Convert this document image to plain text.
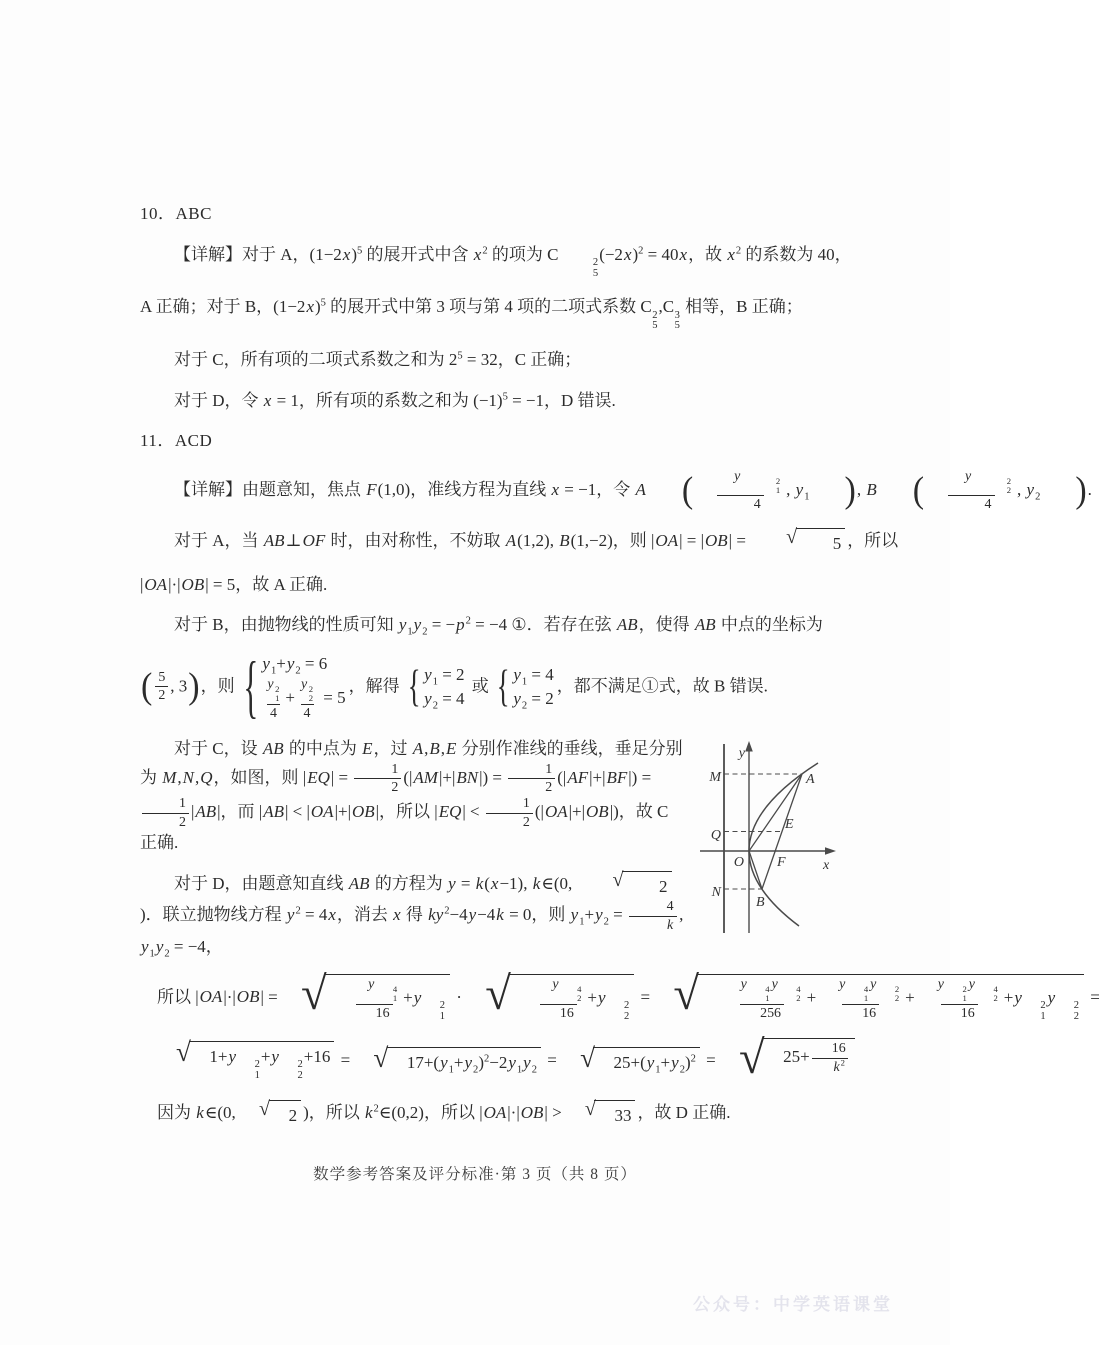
10．ABC
【详解】对于 A，$(1-2x)^5$ 的展开式中含 $x^2$ 的项为 C	2
5
$(-2x)^2 = 40x$，故 $x^2$ 的系数为 40，
A 正确；对于 B，$(1-2x)^5$ 的展开式中第 3 项与第 4 项的二项式系数 C 2
5
,C 3
5
相等，B 正确；
对于 C，所有项的二项式系数之和为 $2^5 = 32$，C 正确；
对于 D，令 x = 1，所有项的系数之和为 $(-1)^5 = -1$，D 错误.
11．ACD
【详解】由题意知，焦点 F(1,0)，准线方程为直线 x = −1，令 A ( y	2
1
4 , $y_1$ ), B ( y	2
2
4 , $y_2$ ).
对于 A，当 AB⊥OF 时，由对称性，不妨取 A(1,2), B(1,−2)，则 |OA| = |OB| =	√	5 ，所以
|OA|·|OB| = 5，故 A 正确.
对于 B，由抛物线的性质可知 $y_1y_2 = -p^2 = -4$ ①．若存在弦 AB，使得 AB 中点的坐标为
( $\frac{5}{2}$ , 3)，则 { $y_1+y_2 = 6$
y 2
1
4 + y 2
2
4 = 5
，解得 { $y_1 = 2$
$y_2 = 4$
或 { $y_1 = 4$
$y_2 = 2$
，都不满足①式，故 B 错误.
y
x
M
Q
N
O F
A
E
B
对于 C，设 AB 的中点为 E，过 A,B,E 分别作准线的垂线，垂足分别为 M,N,Q，如图，则 $|EQ| = \frac{1}{2} (|AM|+|BN|) = \frac{1}{2} (|AF|+|BF|)$ =
$\frac{1}{2} |AB|$，而 |AB| < |OA|+|OB|，所以 $|EQ| < \frac{1}{2} (|OA|+|OB|)$，故 C 正确.
对于 D，由题意知直线 AB 的方程为 y = k(x−1), k∈(0,	√	2
)．联立抛物线方程 $y^2 = 4x$，消去 x 得 $ky^2-4y-4k = 0$，则 $y_1+y_2 = \frac{4}{k}$ , $y_1y_2 = -4$，
所以 |OA|·|OB| = √ y	4
1
16 +y	2
1
· √ y	4
2
16 +y	2
2
= √ y	4
1
y	4
2
256 + y	4
1
y	2
2
16 + y	2
1
y	4
2
16 +y	2
1
y	2
2
=
√	1+y	2
1
+y	2
2
+16 = √	$17+(y_1+y_2)^2-2y_1y_2$
= √	$25+(y_1+y_2)^2$ = √	$25+ \frac{16}{k^2}$
因为 k∈(0, √	2 )，所以 $k^2\in(0,2)$，所以 |OA|·|OB| > √	33 ，故 D 正确.
数学参考答案及评分标准·第 3 页（共 8 页）
公众号：中学英语课堂
